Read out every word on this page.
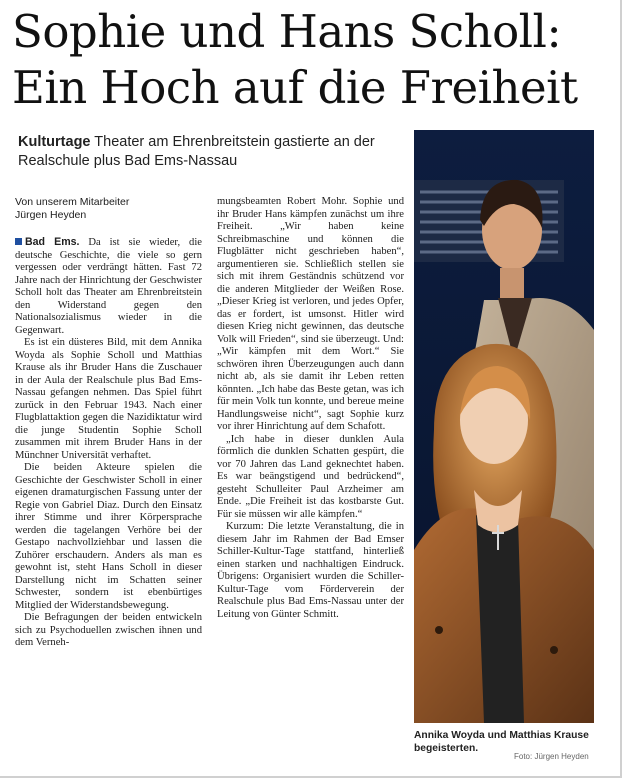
Sophie und Hans Scholl:
Ein Hoch auf die Freiheit
Kulturtage Theater am Ehrenbreitstein gastierte an der Realschule plus Bad Ems-Nassau
Von unserem Mitarbeiter
Jürgen Heyden

Bad Ems. Da ist sie wieder, die deutsche Geschichte, die viele so gern vergessen oder verdrängt hätten. Fast 72 Jahre nach der Hinrichtung der Geschwister Scholl holt das Theater am Ehrenbreitstein den Widerstand gegen den Nationalsozialismus wieder in die Gegenwart.

Es ist ein düsteres Bild, mit dem Annika Woyda als Sophie Scholl und Matthias Krause als ihr Bruder Hans die Zuschauer in der Aula der Realschule plus Bad Ems-Nassau gefangen nehmen. Das Spiel führt zurück in den Februar 1943. Nach einer Flugblattaktion gegen die Nazidiktatur wird die junge Studentin Sophie Scholl zusammen mit ihrem Bruder Hans in der Münchner Universität verhaftet.

Die beiden Akteure spielen die Geschichte der Geschwister Scholl in einer eigenen dramaturgischen Fassung unter der Regie von Gabriel Diaz. Durch den Einsatz ihrer Stimme und ihrer Körpersprache werden die tagelangen Verhöre bei der Gestapo nachvollziehbar und lassen die Zuhörer erschaudern. Anders als man es gewohnt ist, steht Hans Scholl in dieser Darstellung nicht im Schatten seiner Schwester, sondern ist ebenbürtiges Mitglied der Widerstandsbewegung.

Die Befragungen der beiden entwickeln sich zu Psychoduellen zwischen ihnen und dem Verneh-

mungsbeamten Robert Mohr. Sophie und ihr Bruder Hans kämpfen zunächst um ihre Freiheit. „Wir haben keine Schreibmaschine und können die Flugblätter nicht geschrieben haben“, argumentieren sie. Schließlich stellen sie sich mit ihrem Geständnis schützend vor die anderen Mitglieder der Weißen Rose. „Dieser Krieg ist verloren, und jedes Opfer, das er fordert, ist umsonst. Hitler wird diesen Krieg nicht gewinnen, das deutsche Volk will Frieden“, sind sie überzeugt. Und: „Wir kämpfen mit dem Wort.“ Sie schwören ihren Überzeugungen auch dann nicht ab, als sie damit ihr Leben retten könnten. „Ich habe das Beste getan, was ich für mein Volk tun konnte, und bereue meine Handlungsweise nicht“, sagt Sophie kurz vor ihrer Hinrichtung auf dem Schafott.

„Ich habe in dieser dunklen Aula förmlich die dunklen Schatten gespürt, die vor 70 Jahren das Land geknechtet haben. Es war beängstigend und bedrückend“, gesteht Schulleiter Paul Arzheimer am Ende. „Die Freiheit ist das kostbarste Gut. Für sie müssen wir alle kämpfen.“

Kurzum: Die letzte Veranstaltung, die in diesem Jahr im Rahmen der Bad Emser Schiller-Kultur-Tage stattfand, hinterließ einen starken und nachhaltigen Eindruck. Übrigens: Organisiert wurden die Schiller-Kultur-Tage vom Förderverein der Realschule plus Bad Ems-Nassau unter der Leitung von Günter Schmitt.

Annika Woyda und Matthias Krause begeisterten.
Foto: Jürgen Heyden
